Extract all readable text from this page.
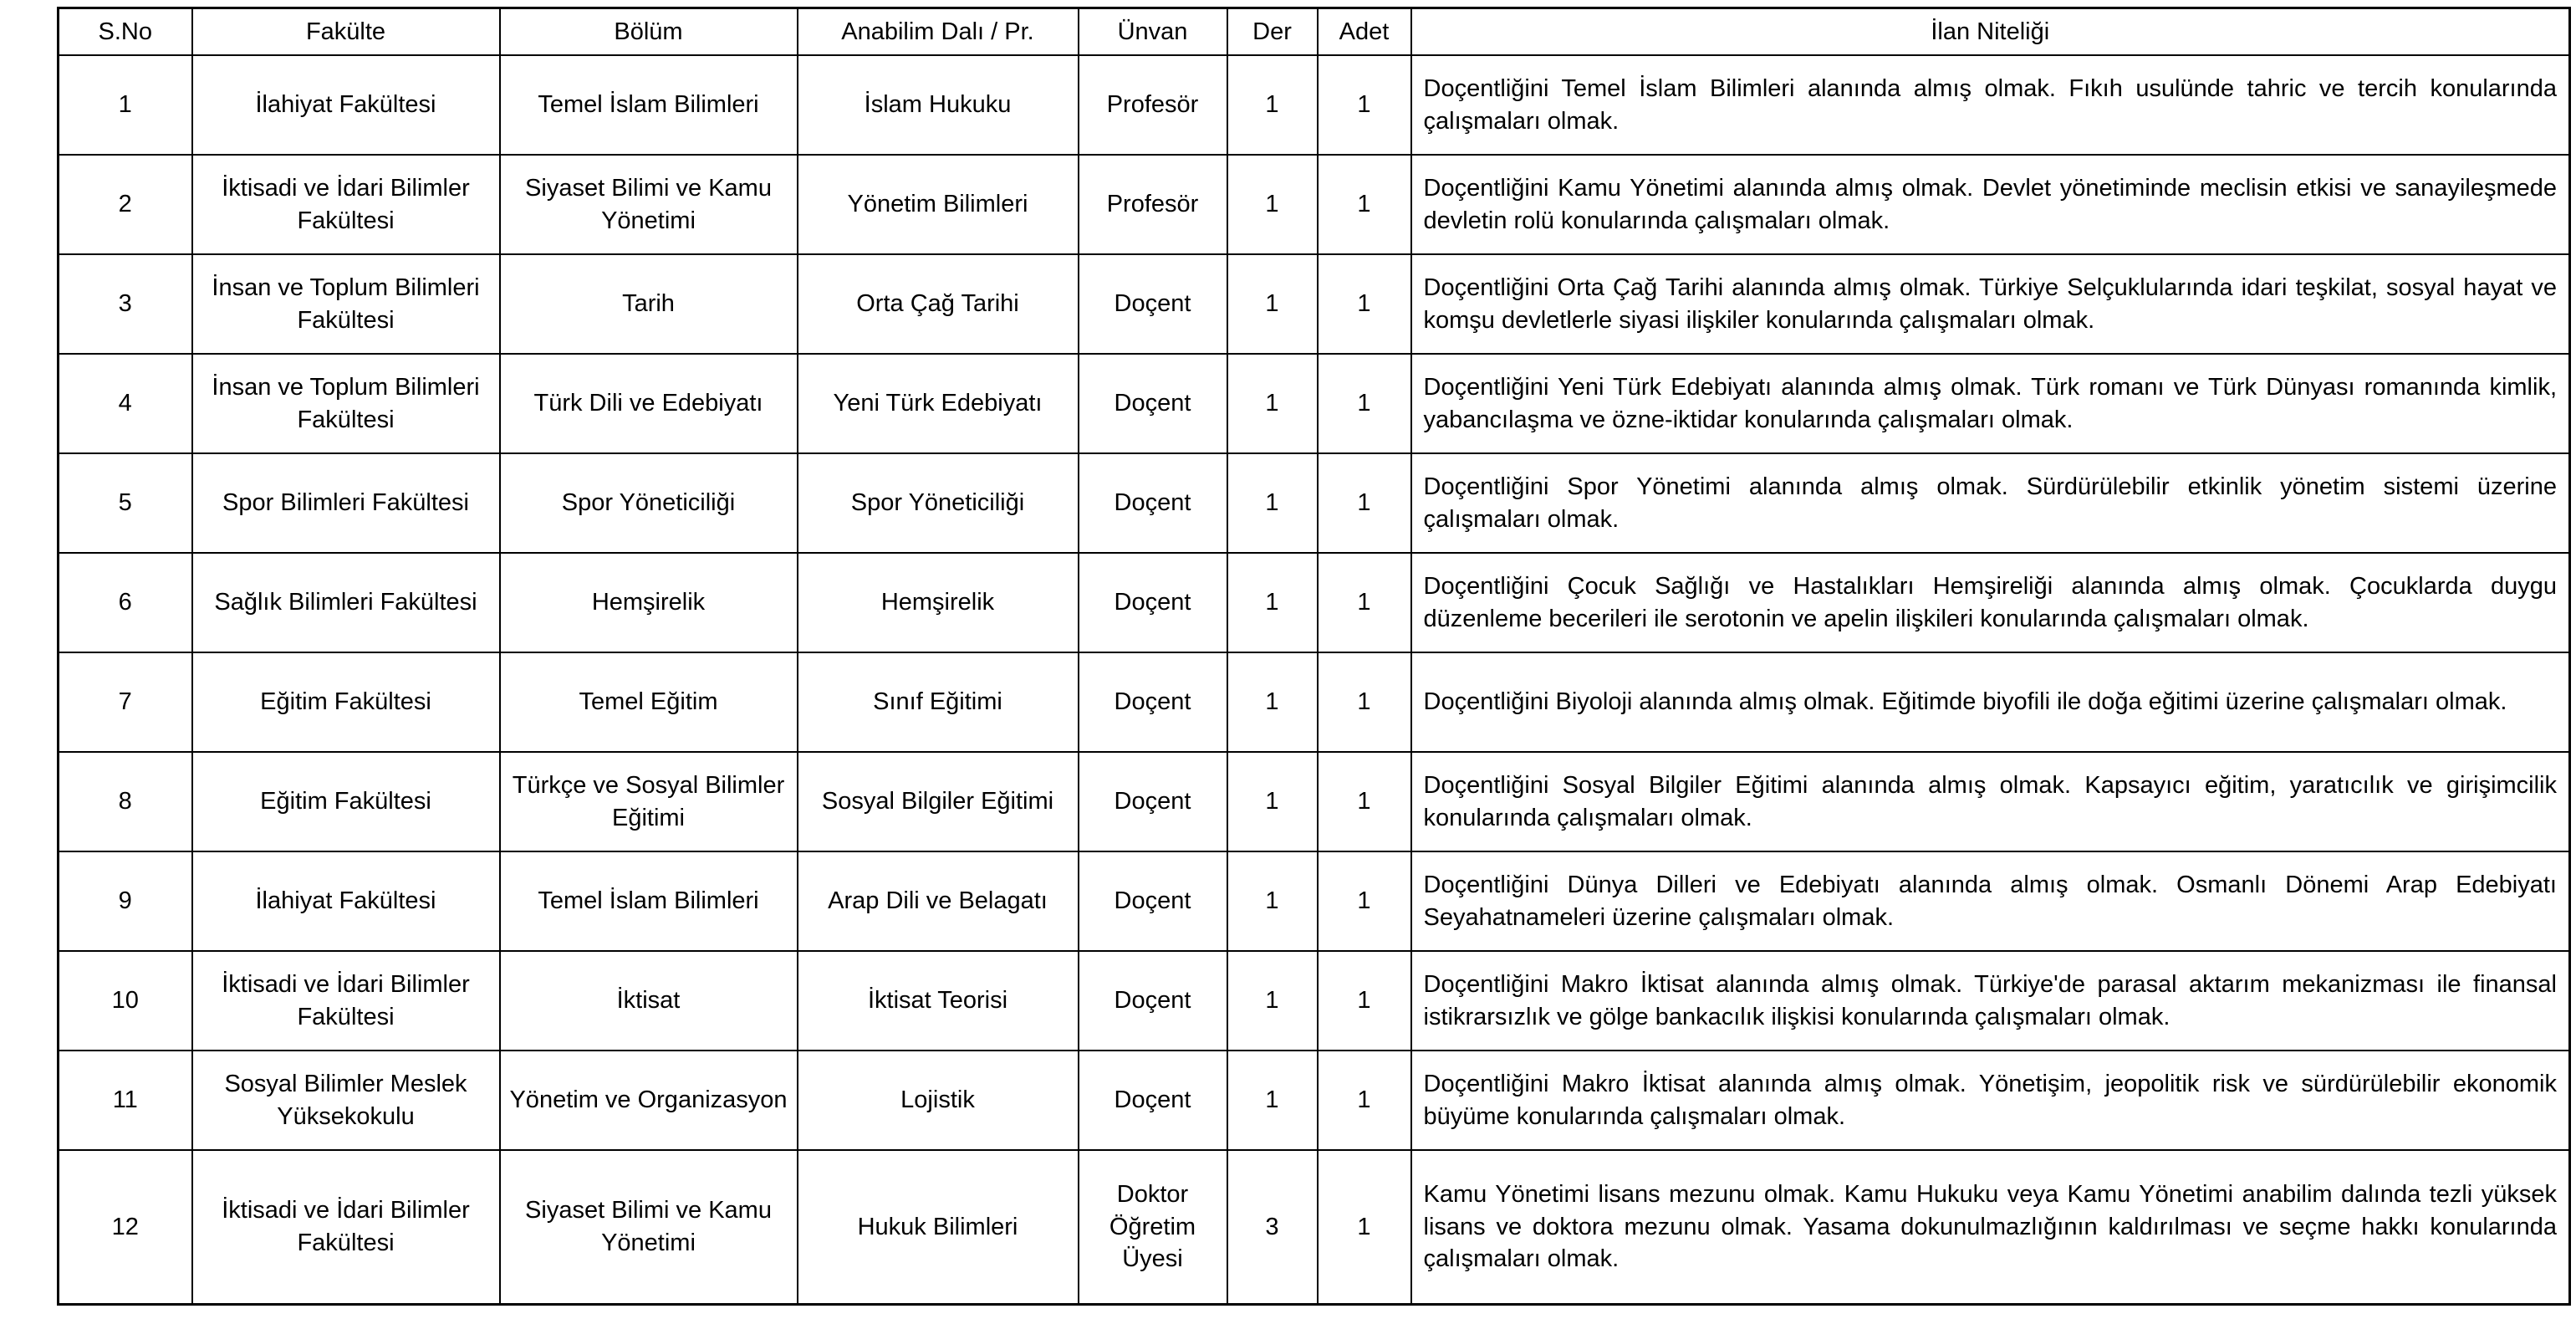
S.No	Fakülte	Bölüm	Anabilim Dalı / Pr.	Ünvan	Der	Adet	İlan Niteliği
1	İlahiyat Fakültesi	Temel İslam Bilimleri	İslam Hukuku	Profesör	1	1	Doçentliğini Temel İslam Bilimleri alanında almış olmak. Fıkıh usulünde tahric ve tercih konularında çalışmaları olmak.
2	İktisadi ve İdari Bilimler Fakültesi	Siyaset Bilimi ve Kamu Yönetimi	Yönetim Bilimleri	Profesör	1	1	Doçentliğini Kamu Yönetimi alanında almış olmak. Devlet yönetiminde meclisin etkisi ve sanayileşmede devletin rolü konularında çalışmaları olmak.
3	İnsan ve Toplum Bilimleri Fakültesi	Tarih	Orta Çağ Tarihi	Doçent	1	1	Doçentliğini Orta Çağ Tarihi alanında almış olmak. Türkiye Selçuklularında idari teşkilat, sosyal hayat ve komşu devletlerle siyasi ilişkiler konularında çalışmaları olmak.
4	İnsan ve Toplum Bilimleri Fakültesi	Türk Dili ve Edebiyatı	Yeni Türk Edebiyatı	Doçent	1	1	Doçentliğini Yeni Türk Edebiyatı alanında almış olmak. Türk romanı ve Türk Dünyası romanında kimlik, yabancılaşma ve özne-iktidar konularında çalışmaları olmak.
5	Spor Bilimleri Fakültesi	Spor Yöneticiliği	Spor Yöneticiliği	Doçent	1	1	Doçentliğini Spor Yönetimi alanında almış olmak. Sürdürülebilir etkinlik yönetim sistemi üzerine çalışmaları olmak.
6	Sağlık Bilimleri Fakültesi	Hemşirelik	Hemşirelik	Doçent	1	1	Doçentliğini Çocuk Sağlığı ve Hastalıkları Hemşireliği alanında almış olmak. Çocuklarda duygu düzenleme becerileri ile serotonin ve apelin ilişkileri konularında çalışmaları olmak.
7	Eğitim Fakültesi	Temel Eğitim	Sınıf Eğitimi	Doçent	1	1	Doçentliğini Biyoloji alanında almış olmak. Eğitimde biyofili ile doğa eğitimi üzerine çalışmaları olmak.
8	Eğitim Fakültesi	Türkçe ve Sosyal Bilimler Eğitimi	Sosyal Bilgiler Eğitimi	Doçent	1	1	Doçentliğini Sosyal Bilgiler Eğitimi alanında almış olmak. Kapsayıcı eğitim, yaratıcılık ve girişimcilik konularında çalışmaları olmak.
9	İlahiyat Fakültesi	Temel İslam Bilimleri	Arap Dili ve Belagatı	Doçent	1	1	Doçentliğini Dünya Dilleri ve Edebiyatı alanında almış olmak. Osmanlı Dönemi Arap Edebiyatı Seyahatnameleri üzerine çalışmaları olmak.
10	İktisadi ve İdari Bilimler Fakültesi	İktisat	İktisat Teorisi	Doçent	1	1	Doçentliğini Makro İktisat alanında almış olmak. Türkiye'de parasal aktarım mekanizması ile finansal istikrarsızlık ve gölge bankacılık ilişkisi konularında çalışmaları olmak.
11	Sosyal Bilimler Meslek Yüksekokulu	Yönetim ve Organizasyon	Lojistik	Doçent	1	1	Doçentliğini Makro İktisat alanında almış olmak. Yönetişim, jeopolitik risk ve sürdürülebilir ekonomik büyüme konularında çalışmaları olmak.
12	İktisadi ve İdari Bilimler Fakültesi	Siyaset Bilimi ve Kamu Yönetimi	Hukuk Bilimleri	Doktor Öğretim Üyesi	3	1	Kamu Yönetimi lisans mezunu olmak. Kamu Hukuku veya Kamu Yönetimi anabilim dalında tezli yüksek lisans ve doktora mezunu olmak. Yasama dokunulmazlığının kaldırılması ve seçme hakkı konularında çalışmaları olmak.
